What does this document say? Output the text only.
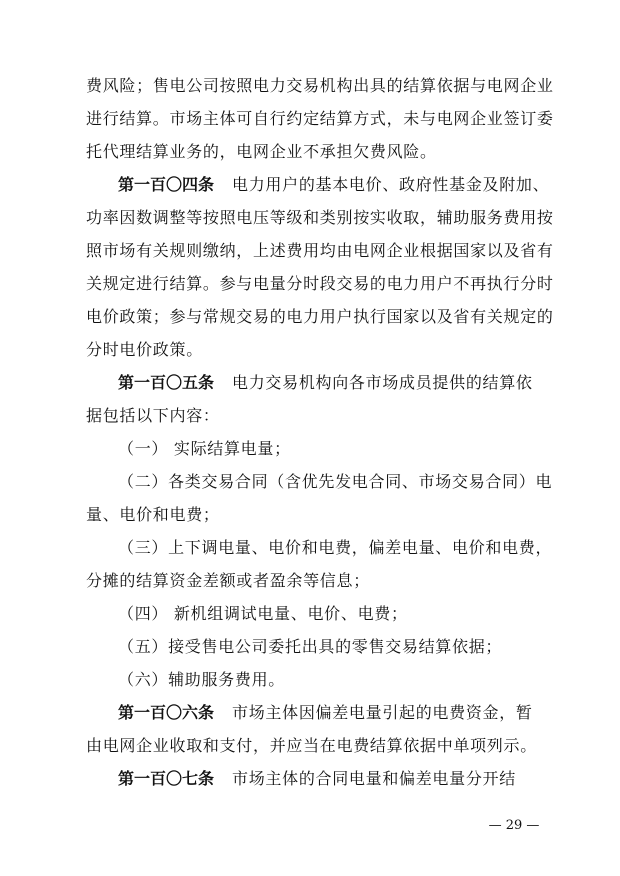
费风险；售电公司按照电力交易机构出具的结算依据与电网企业
进行结算。市场主体可自行约定结算方式，未与电网企业签订委
托代理结算业务的，电网企业不承担欠费风险。
第一百〇四条 电力用户的基本电价、政府性基金及附加、
功率因数调整等按照电压等级和类别按实收取，辅助服务费用按
照市场有关规则缴纳，上述费用均由电网企业根据国家以及省有
关规定进行结算。参与电量分时段交易的电力用户不再执行分时
电价政策；参与常规交易的电力用户执行国家以及省有关规定的
分时电价政策。
第一百〇五条 电力交易机构向各市场成员提供的结算依
据包括以下内容：
（一） 实际结算电量；
（二）各类交易合同（含优先发电合同、市场交易合同）电
量、电价和电费；
（三）上下调电量、电价和电费，偏差电量、电价和电费，
分摊的结算资金差额或者盈余等信息；
（四） 新机组调试电量、电价、电费；
（五）接受售电公司委托出具的零售交易结算依据；
（六）辅助服务费用。
第一百〇六条 市场主体因偏差电量引起的电费资金，暂
由电网企业收取和支付，并应当在电费结算依据中单项列示。
第一百〇七条 市场主体的合同电量和偏差电量分开结
— 29 —
